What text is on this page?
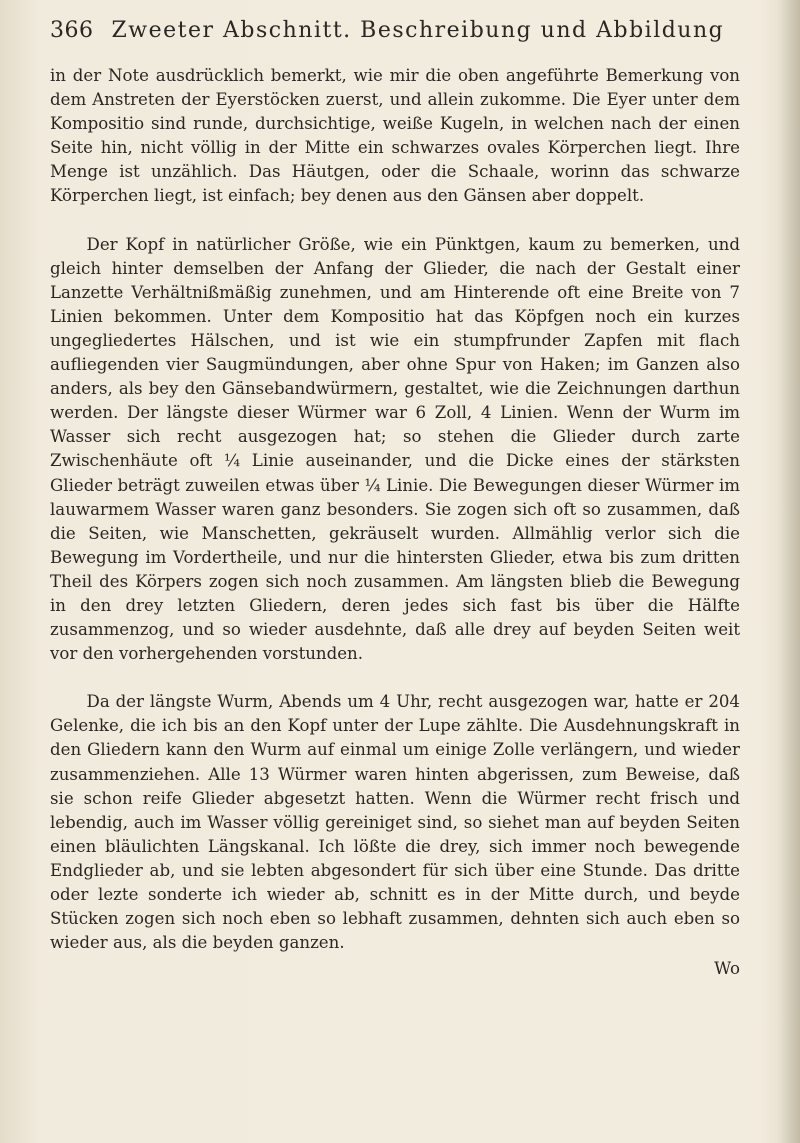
366 Zweeter Abschnitt. Beschreibung und Abbildung

in der Note ausdrücklich bemerkt, wie mir die oben angeführte Bemerkung von dem Anstreten der Eyerstöcken zuerst, und allein zukomme. Die Eyer unter dem Kompositio sind runde, durchsichtige, weiße Kugeln, in welchen nach der einen Seite hin, nicht völlig in der Mitte ein schwarzes ovales Körperchen liegt. Ihre Menge ist unzählich. Das Häutgen, oder die Schaale, worinn das schwarze Körperchen liegt, ist einfach; bey denen aus den Gänsen aber doppelt.

Der Kopf in natürlicher Größe, wie ein Pünktgen, kaum zu bemerken, und gleich hinter demselben der Anfang der Glieder, die nach der Gestalt einer Lanzette Verhältnißmäßig zunehmen, und am Hinterende oft eine Breite von 7 Linien bekommen. Unter dem Kompositio hat das Köpfgen noch ein kurzes ungegliedertes Hälschen, und ist wie ein stumpfrunder Zapfen mit flach aufliegenden vier Saugmündungen, aber ohne Spur von Haken; im Ganzen also anders, als bey den Gänsebandwürmern, gestaltet, wie die Zeichnungen darthun werden. Der längste dieser Würmer war 6 Zoll, 4 Linien. Wenn der Wurm im Wasser sich recht ausgezogen hat; so stehen die Glieder durch zarte Zwischenhäute oft ¼ Linie auseinander, und die Dicke eines der stärksten Glieder beträgt zuweilen etwas über ¼ Linie. Die Bewegungen dieser Würmer im lauwarmem Wasser waren ganz besonders. Sie zogen sich oft so zusammen, daß die Seiten, wie Manschetten, gekräuselt wurden. Allmählig verlor sich die Bewegung im Vordertheile, und nur die hintersten Glieder, etwa bis zum dritten Theil des Körpers zogen sich noch zusammen. Am längsten blieb die Bewegung in den drey letzten Gliedern, deren jedes sich fast bis über die Hälfte zusammenzog, und so wieder ausdehnte, daß alle drey auf beyden Seiten weit vor den vorhergehenden vorstunden.

Da der längste Wurm, Abends um 4 Uhr, recht ausgezogen war, hatte er 204 Gelenke, die ich bis an den Kopf unter der Lupe zählte. Die Ausdehnungskraft in den Gliedern kann den Wurm auf einmal um einige Zolle verlängern, und wieder zusammenziehen. Alle 13 Würmer waren hinten abgerissen, zum Beweise, daß sie schon reife Glieder abgesetzt hatten. Wenn die Würmer recht frisch und lebendig, auch im Wasser völlig gereiniget sind, so siehet man auf beyden Seiten einen bläulichten Längskanal. Ich lößte die drey, sich immer noch bewegende Endglieder ab, und sie lebten abgesondert für sich über eine Stunde. Das dritte oder lezte sonderte ich wieder ab, schnitt es in der Mitte durch, und beyde Stücken zogen sich noch eben so lebhaft zusammen, dehnten sich auch eben so wieder aus, als die beyden ganzen.

Wo
